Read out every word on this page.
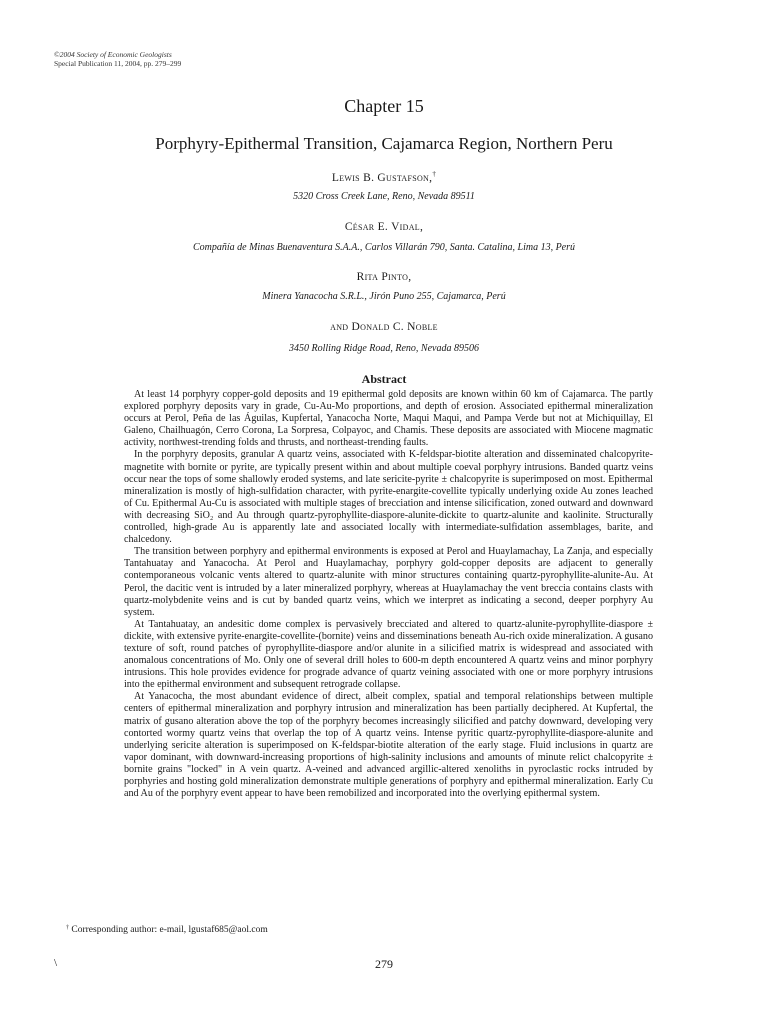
©2004 Society of Economic Geologists
Special Publication 11, 2004, pp. 279–299
Chapter 15
Porphyry-Epithermal Transition, Cajamarca Region, Northern Peru
Lewis B. Gustafson,†
5320 Cross Creek Lane, Reno, Nevada 89511
César E. Vidal,
Compañía de Minas Buenaventura S.A.A., Carlos Villarán 790, Santa. Catalina, Lima 13, Perú
Rita Pinto,
Minera Yanacocha S.R.L., Jirón Puno 255, Cajamarca, Perú
and Donald C. Noble
3450 Rolling Ridge Road, Reno, Nevada 89506
Abstract

At least 14 porphyry copper-gold deposits and 19 epithermal gold deposits are known within 60 km of Cajamarca. The partly explored porphyry deposits vary in grade, Cu-Au-Mo proportions, and depth of erosion. Associated epithermal mineralization occurs at Perol, Peña de las Águilas, Kupfertal, Yanacocha Norte, Maqui Maqui, and Pampa Verde but not at Michiquillay, El Galeno, Chailhuagón, Cerro Corona, La Sorpresa, Colpayoc, and Chamis. These deposits are associated with Miocene magmatic activity, northwest-trending folds and thrusts, and northeast-trending faults.

In the porphyry deposits, granular A quartz veins, associated with K-feldspar-biotite alteration and disseminated chalcopyrite-magnetite with bornite or pyrite, are typically present within and about multiple coeval porphyry intrusions. Banded quartz veins occur near the tops of some shallowly eroded systems, and late sericite-pyrite ± chalcopyrite is superimposed on most. Epithermal mineralization is mostly of high-sulfidation character, with pyrite-enargite-covellite typically underlying oxide Au zones leached of Cu. Epithermal Au-Cu is associated with multiple stages of brecciation and intense silicification, zoned outward and downward with decreasing SiO₂ and Au through quartz-pyrophyllite-diaspore-alunite-dickite to quartz-alunite and kaolinite. Structurally controlled, high-grade Au is apparently late and associated locally with intermediate-sulfidation assemblages, barite, and chalcedony.

The transition between porphyry and epithermal environments is exposed at Perol and Huaylamachay, La Zanja, and especially Tantahuatay and Yanacocha. At Perol and Huaylamachay, porphyry gold-copper deposits are adjacent to generally contemporaneous volcanic vents altered to quartz-alunite with minor structures containing quartz-pyrophyllite-alunite-Au. At Perol, the dacitic vent is intruded by a later mineralized porphyry, whereas at Huaylamachay the vent breccia contains clasts with quartz-molybdenite veins and is cut by banded quartz veins, which we interpret as indicating a second, deeper porphyry Au system.

At Tantahuatay, an andesitic dome complex is pervasively brecciated and altered to quartz-alunite-pyrophyllite-diaspore ± dickite, with extensive pyrite-enargite-covellite-(bornite) veins and disseminations beneath Au-rich oxide mineralization. A gusano texture of soft, round patches of pyrophyllite-diaspore and/or alunite in a silicified matrix is widespread and associated with anomalous concentrations of Mo. Only one of several drill holes to 600-m depth encountered A quartz veins and minor porphyry intrusions. This hole provides evidence for prograde advance of quartz veining associated with one or more porphyry intrusions into the epithermal environment and subsequent retrograde collapse.

At Yanacocha, the most abundant evidence of direct, albeit complex, spatial and temporal relationships between multiple centers of epithermal mineralization and porphyry intrusion and mineralization has been partially deciphered. At Kupfertal, the matrix of gusano alteration above the top of the porphyry becomes increasingly silicified and patchy downward, developing very contorted wormy quartz veins that overlap the top of A quartz veins. Intense pyritic quartz-pyrophyllite-diaspore-alunite and underlying sericite alteration is superimposed on K-feldspar-biotite alteration of the early stage. Fluid inclusions in quartz are vapor dominant, with downward-increasing proportions of high-salinity inclusions and amounts of minute relict chalcopyrite ± bornite grains "locked" in A vein quartz. A-veined and advanced argillic-altered xenoliths in pyroclastic rocks intruded by porphyries and hosting gold mineralization demonstrate multiple generations of porphyry and epithermal mineralization. Early Cu and Au of the porphyry event appear to have been remobilized and incorporated into the overlying epithermal system.

† Corresponding author: e-mail, lgustaf685@aol.com
\	279
